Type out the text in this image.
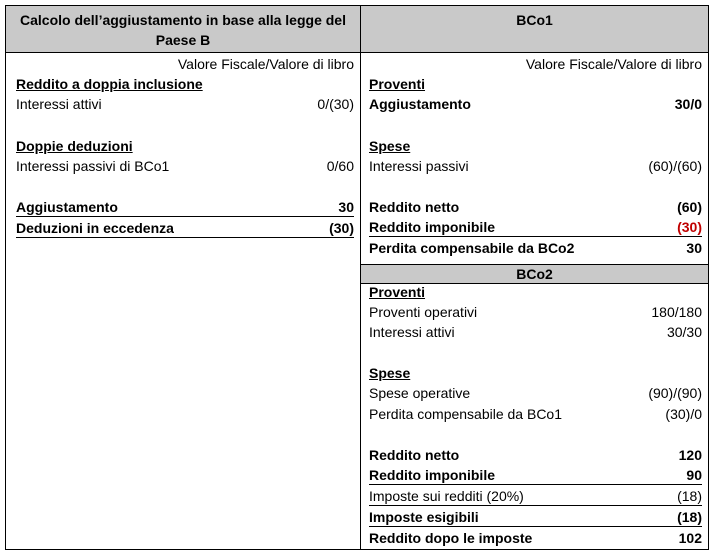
Calcolo dell’aggiustamento in base alla legge del Paese B
BCo1
Valore Fiscale/Valore di libro
Reddito a doppia inclusione
Interessi attivi	0/(30)
Doppie deduzioni
Interessi passivi di BCo1	0/60
Aggiustamento	30
Deduzioni in eccedenza	(30)
Valore Fiscale/Valore di libro
Proventi
Aggiustamento	30/0
Spese
Interessi passivi	(60)/(60)
Reddito netto	(60)
Reddito imponibile	(30)
Perdita compensabile da BCo2	30
BCo2
Proventi
Proventi operativi	180/180
Interessi attivi	30/30
Spese
Spese operative	(90)/(90)
Perdita compensabile da BCo1	(30)/0
Reddito netto	120
Reddito imponibile	90
Imposte sui redditi (20%)	(18)
Imposte esigibili	(18)
Reddito dopo le imposte	102
